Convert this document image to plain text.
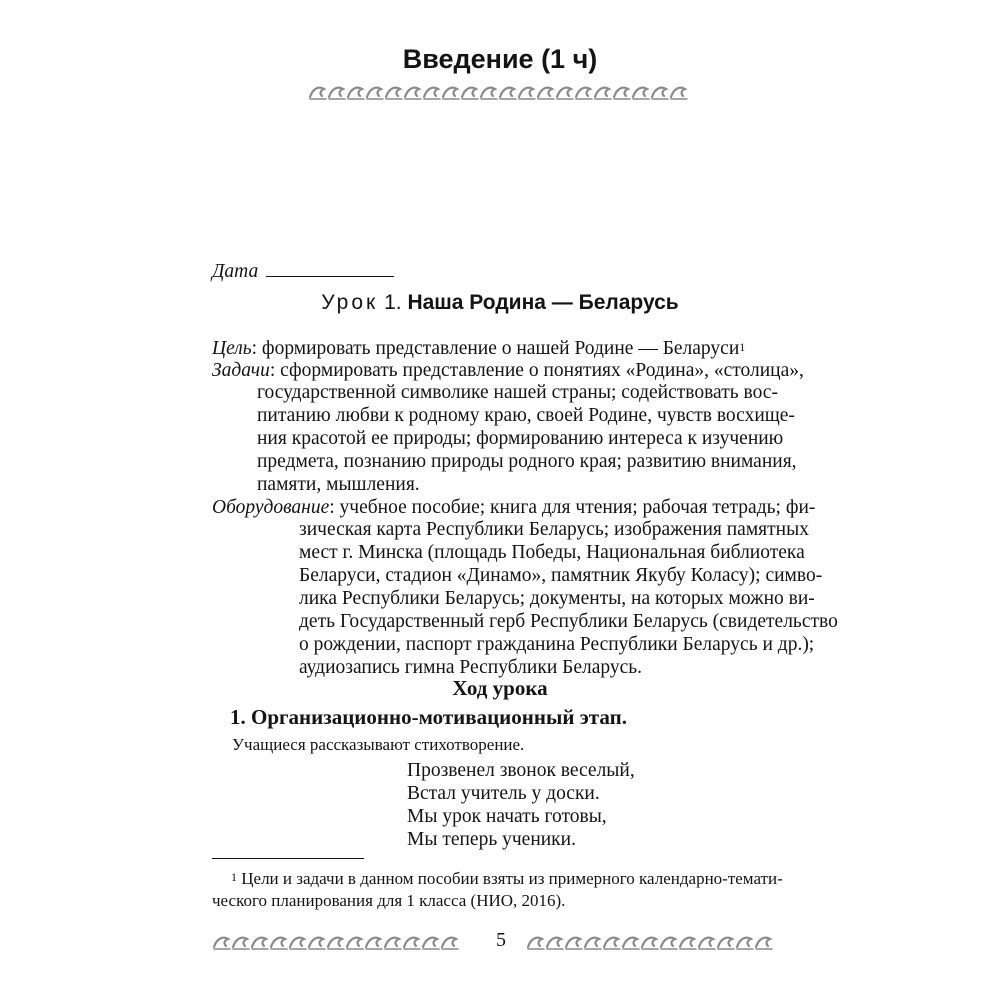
Введение (1 ч)
Дата
Урок 1. Наша Родина — Беларусь
Цель: формировать представление о нашей Родине — Беларуси$^1$
Задачи: сформировать представление о понятиях «Родина», «столица»,
государственной символике нашей страны; содействовать вос-
питанию любви к родному краю, своей Родине, чувств восхище-
ния красотой ее природы; формированию интереса к изучению
предмета, познанию природы родного края; развитию внимания,
памяти, мышления.
Оборудование: учебное пособие; книга для чтения; рабочая тетрадь; фи-
зическая карта Республики Беларусь; изображения памятных
мест г. Минска (площадь Победы, Национальная библиотека
Беларуси, стадион «Динамо», памятник Якубу Коласу); симво-
лика Республики Беларусь; документы, на которых можно ви-
деть Государственный герб Республики Беларусь (свидетельство
о рождении, паспорт гражданина Республики Беларусь и др.);
аудиозапись гимна Республики Беларусь.
Ход урока
1. Организационно-мотивационный этап.
Учащиеся рассказывают стихотворение.
Прозвенел звонок веселый,
Встал учитель у доски.
Мы урок начать готовы,
Мы теперь ученики.
$^1$ Цели и задачи в данном пособии взяты из примерного календарно-темати-
ческого планирования для 1 класса (НИО, 2016).
5
